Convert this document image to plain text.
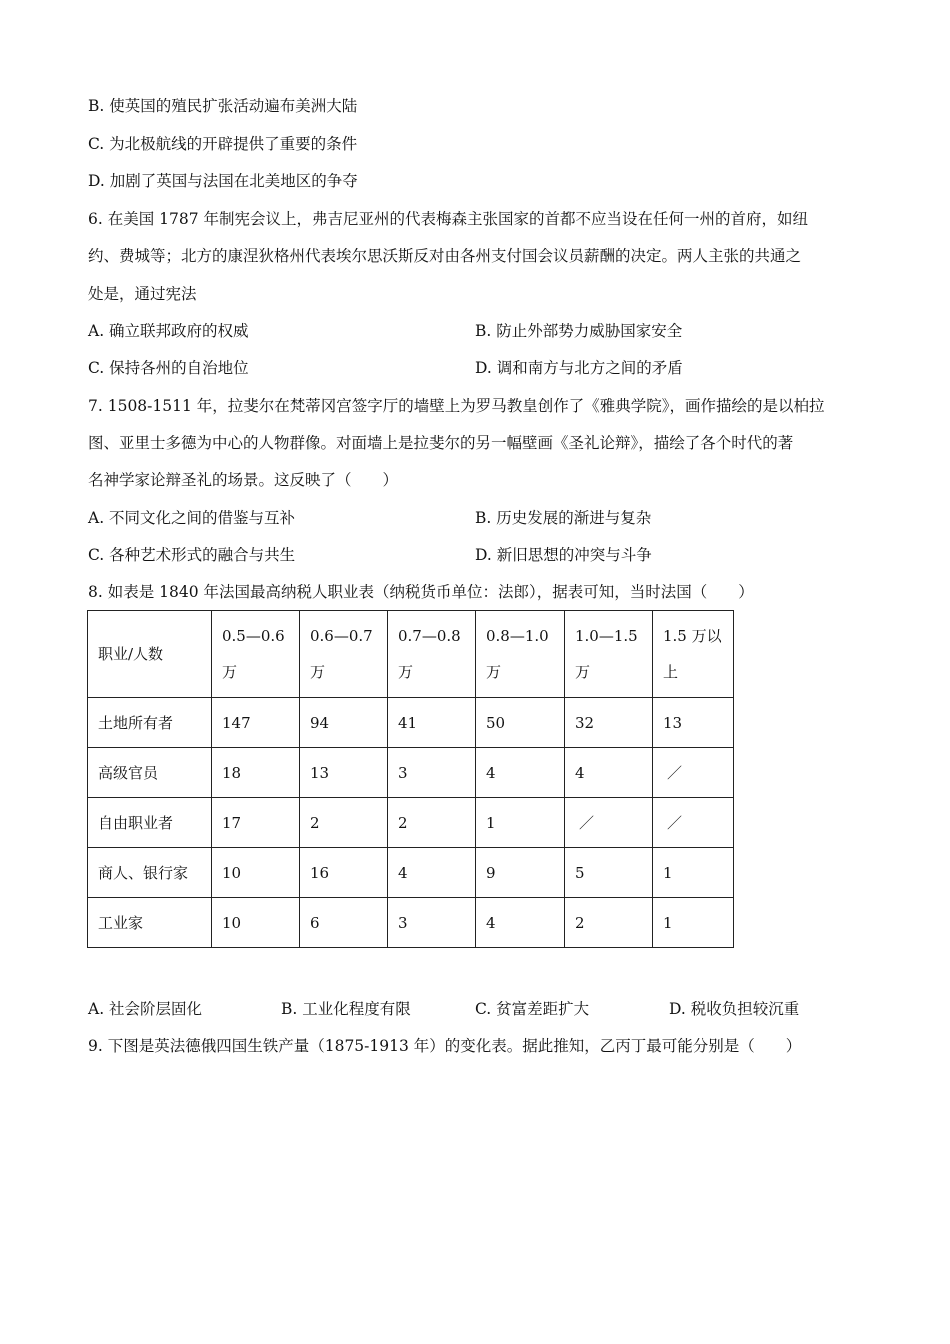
B. 使英国的殖民扩张活动遍布美洲大陆
C. 为北极航线的开辟提供了重要的条件
D. 加剧了英国与法国在北美地区的争夺
6. 在美国 1787 年制宪会议上，弗吉尼亚州的代表梅森主张国家的首都不应当设在任何一州的首府，如纽
约、费城等；北方的康涅狄格州代表埃尔思沃斯反对由各州支付国会议员薪酬的决定。两人主张的共通之
处是，通过宪法
A. 确立联邦政府的权威	B. 防止外部势力威胁国家安全
C. 保持各州的自治地位	D. 调和南方与北方之间的矛盾
7. 1508-1511 年，拉斐尔在梵蒂冈宫签字厅的墙壁上为罗马教皇创作了《雅典学院》，画作描绘的是以柏拉
图、亚里士多德为中心的人物群像。对面墙上是拉斐尔的另一幅壁画《圣礼论辩》，描绘了各个时代的著
名神学家论辩圣礼的场景。这反映了（　　）
A. 不同文化之间的借鉴与互补	B. 历史发展的渐进与复杂
C. 各种艺术形式的融合与共生	D. 新旧思想的冲突与斗争
8. 如表是 1840 年法国最高纳税人职业表（纳税货币单位：法郎），据表可知，当时法国（　　）
职业/人数	0.5—0.6 万	0.6—0.7 万	0.7—0.8 万	0.8—1.0 万	1.0—1.5 万	1.5 万以上
土地所有者	147	94	41	50	32	13
高级官员	18	13	3	4	4	／
自由职业者	17	2	2	1	／	／
商人、银行家	10	16	4	9	5	1
工业家	10	6	3	4	2	1
A. 社会阶层固化	B. 工业化程度有限	C. 贫富差距扩大	D. 税收负担较沉重
9. 下图是英法德俄四国生铁产量（1875-1913 年）的变化表。据此推知，乙丙丁最可能分别是（　　）
